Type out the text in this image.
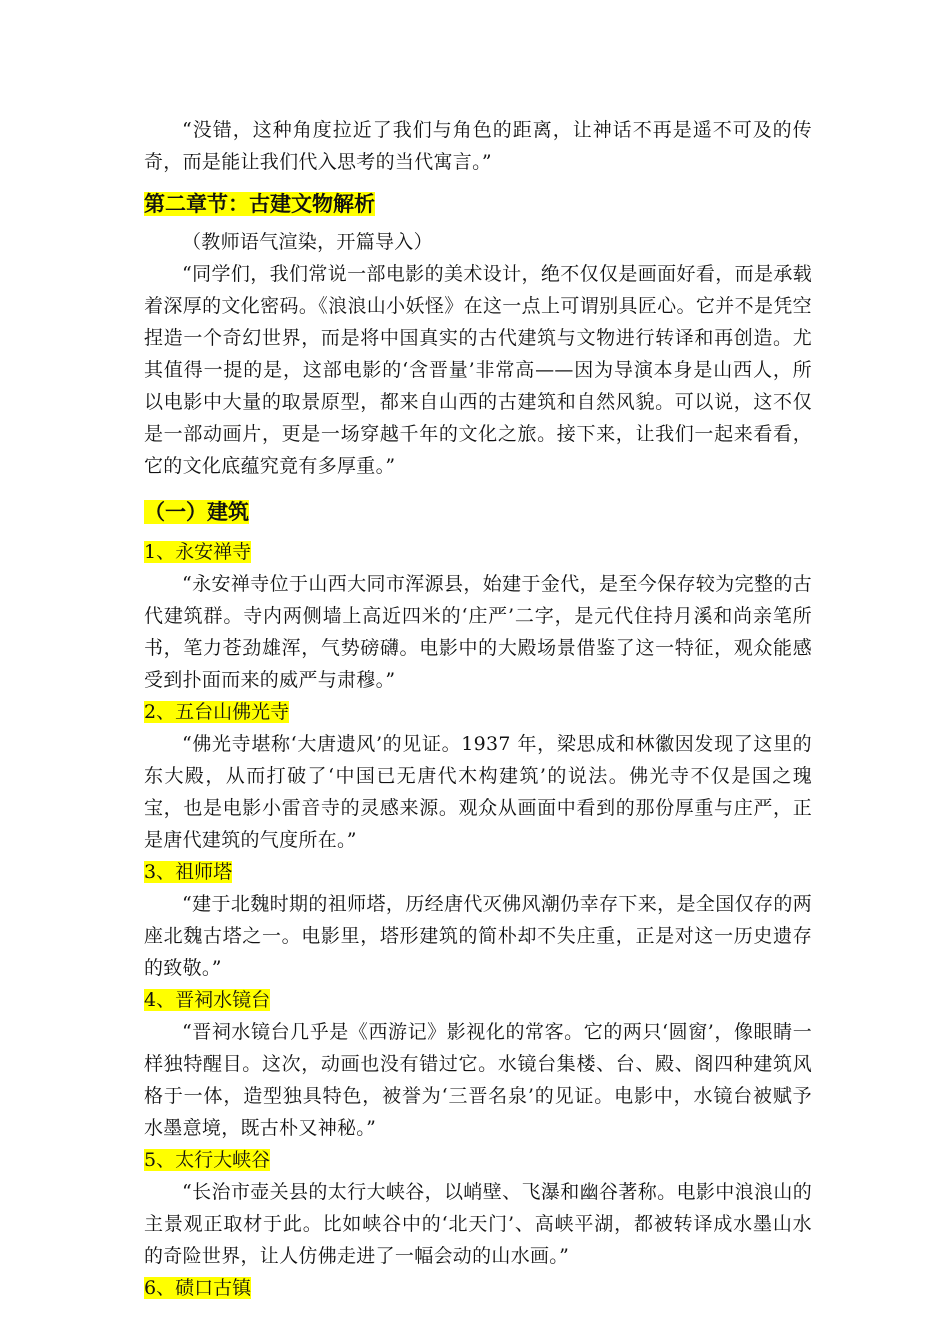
“没错，这种角度拉近了我们与角色的距离，让神话不再是遥不可及的传奇，而是能让我们代入思考的当代寓言。”

第二章节：古建文物解析

（教师语气渲染，开篇导入）

“同学们，我们常说一部电影的美术设计，绝不仅仅是画面好看，而是承载着深厚的文化密码。《浪浪山小妖怪》在这一点上可谓别具匠心。它并不是凭空捏造一个奇幻世界，而是将中国真实的古代建筑与文物进行转译和再创造。尤其值得一提的是，这部电影的‘含晋量’非常高——因为导演本身是山西人，所以电影中大量的取景原型，都来自山西的古建筑和自然风貌。可以说，这不仅是一部动画片，更是一场穿越千年的文化之旅。接下来，让我们一起来看看，它的文化底蕴究竟有多厚重。”

（一）建筑
1、永安禅寺

“永安禅寺位于山西大同市浑源县，始建于金代，是至今保存较为完整的古代建筑群。寺内两侧墙上高近四米的‘庄严’二字，是元代住持月溪和尚亲笔所书，笔力苍劲雄浑，气势磅礴。电影中的大殿场景借鉴了这一特征，观众能感受到扑面而来的威严与肃穆。”

2、五台山佛光寺

“佛光寺堪称‘大唐遗风’的见证。1937 年，梁思成和林徽因发现了这里的东大殿，从而打破了‘中国已无唐代木构建筑’的说法。佛光寺不仅是国之瑰宝，也是电影小雷音寺的灵感来源。观众从画面中看到的那份厚重与庄严，正是唐代建筑的气度所在。”

3、祖师塔

“建于北魏时期的祖师塔，历经唐代灭佛风潮仍幸存下来，是全国仅存的两座北魏古塔之一。电影里，塔形建筑的简朴却不失庄重，正是对这一历史遗存的致敬。”

4、晋祠水镜台

“晋祠水镜台几乎是《西游记》影视化的常客。它的两只‘圆窗’，像眼睛一样独特醒目。这次，动画也没有错过它。水镜台集楼、台、殿、阁四种建筑风格于一体，造型独具特色，被誉为‘三晋名泉’的见证。电影中，水镜台被赋予水墨意境，既古朴又神秘。”

5、太行大峡谷

“长治市壶关县的太行大峡谷，以峭壁、飞瀑和幽谷著称。电影中浪浪山的主景观正取材于此。比如峡谷中的‘北天门’、高峡平湖，都被转译成水墨山水的奇险世界，让人仿佛走进了一幅会动的山水画。”

6、碛口古镇
